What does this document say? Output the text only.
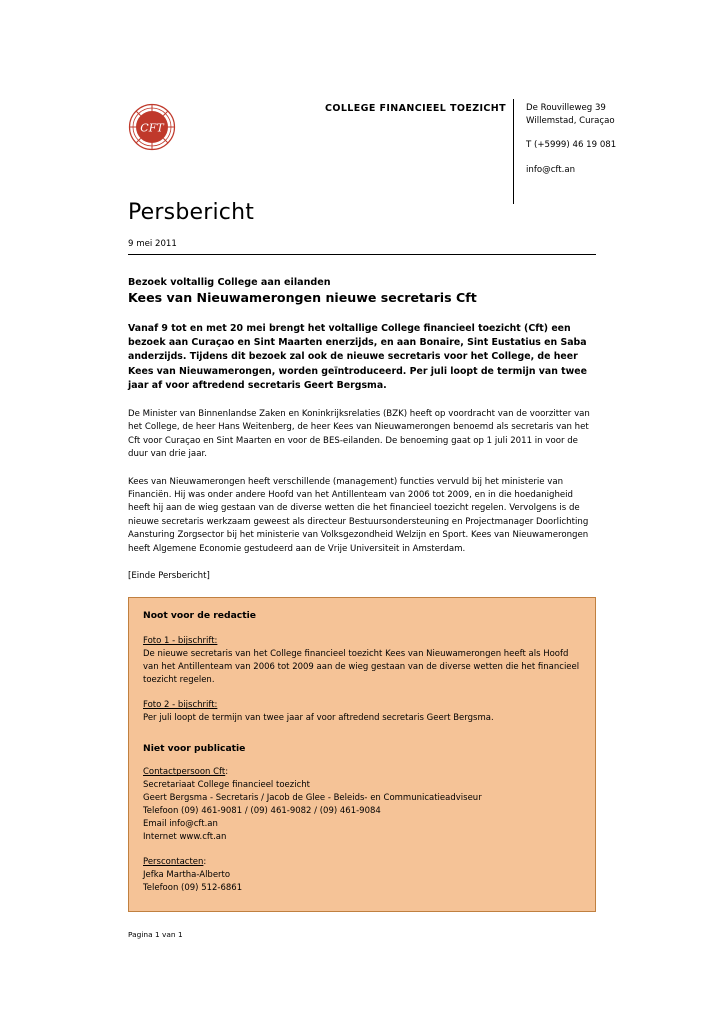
CFT
COLLEGE FINANCIEEL TOEZICHT De Rouvilleweg 39
Willemstad, Curaçao
T (+5999) 46 19 081
info@cft.an
Persbericht
9 mei 2011
Bezoek voltallig College aan eilanden
Kees van Nieuwamerongen nieuwe secretaris Cft

Vanaf 9 tot en met 20 mei brengt het voltallige College financieel toezicht (Cft) een bezoek aan Curaçao en Sint Maarten enerzijds, en aan Bonaire, Sint Eustatius en Saba anderzijds. Tijdens dit bezoek zal ook de nieuwe secretaris voor het College, de heer Kees van Nieuwamerongen, worden geïntroduceerd. Per juli loopt de termijn van twee jaar af voor aftredend secretaris Geert Bergsma.

De Minister van Binnenlandse Zaken en Koninkrijksrelaties (BZK) heeft op voordracht van de voorzitter van het College, de heer Hans Weitenberg, de heer Kees van Nieuwamerongen benoemd als secretaris van het Cft voor Curaçao en Sint Maarten en voor de BES-eilanden. De benoeming gaat op 1 juli 2011 in voor de duur van drie jaar.

Kees van Nieuwamerongen heeft verschillende (management) functies vervuld bij het ministerie van Financiën. Hij was onder andere Hoofd van het Antillenteam van 2006 tot 2009, en in die hoedanigheid heeft hij aan de wieg gestaan van de diverse wetten die het financieel toezicht regelen. Vervolgens is de nieuwe secretaris werkzaam geweest als directeur Bestuursondersteuning en Projectmanager Doorlichting Aansturing Zorgsector bij het ministerie van Volksgezondheid Welzijn en Sport. Kees van Nieuwamerongen heeft Algemene Economie gestudeerd aan de Vrije Universiteit in Amsterdam.

[Einde Persbericht]

Noot voor de redactie

Foto 1 - bijschrift:
De nieuwe secretaris van het College financieel toezicht Kees van Nieuwamerongen heeft als Hoofd van het Antillenteam van 2006 tot 2009 aan de wieg gestaan van de diverse wetten die het financieel toezicht regelen.

Foto 2 - bijschrift:
Per juli loopt de termijn van twee jaar af voor aftredend secretaris Geert Bergsma.

Niet voor publicatie

Contactpersoon Cft:
Secretariaat College financieel toezicht
Geert Bergsma - Secretaris / Jacob de Glee - Beleids- en Communicatieadviseur
Telefoon (09) 461-9081 / (09) 461-9082 / (09) 461-9084
Email info@cft.an
Internet www.cft.an

Perscontacten:
Jefka Martha-Alberto
Telefoon (09) 512-6861

Pagina 1 van 1
